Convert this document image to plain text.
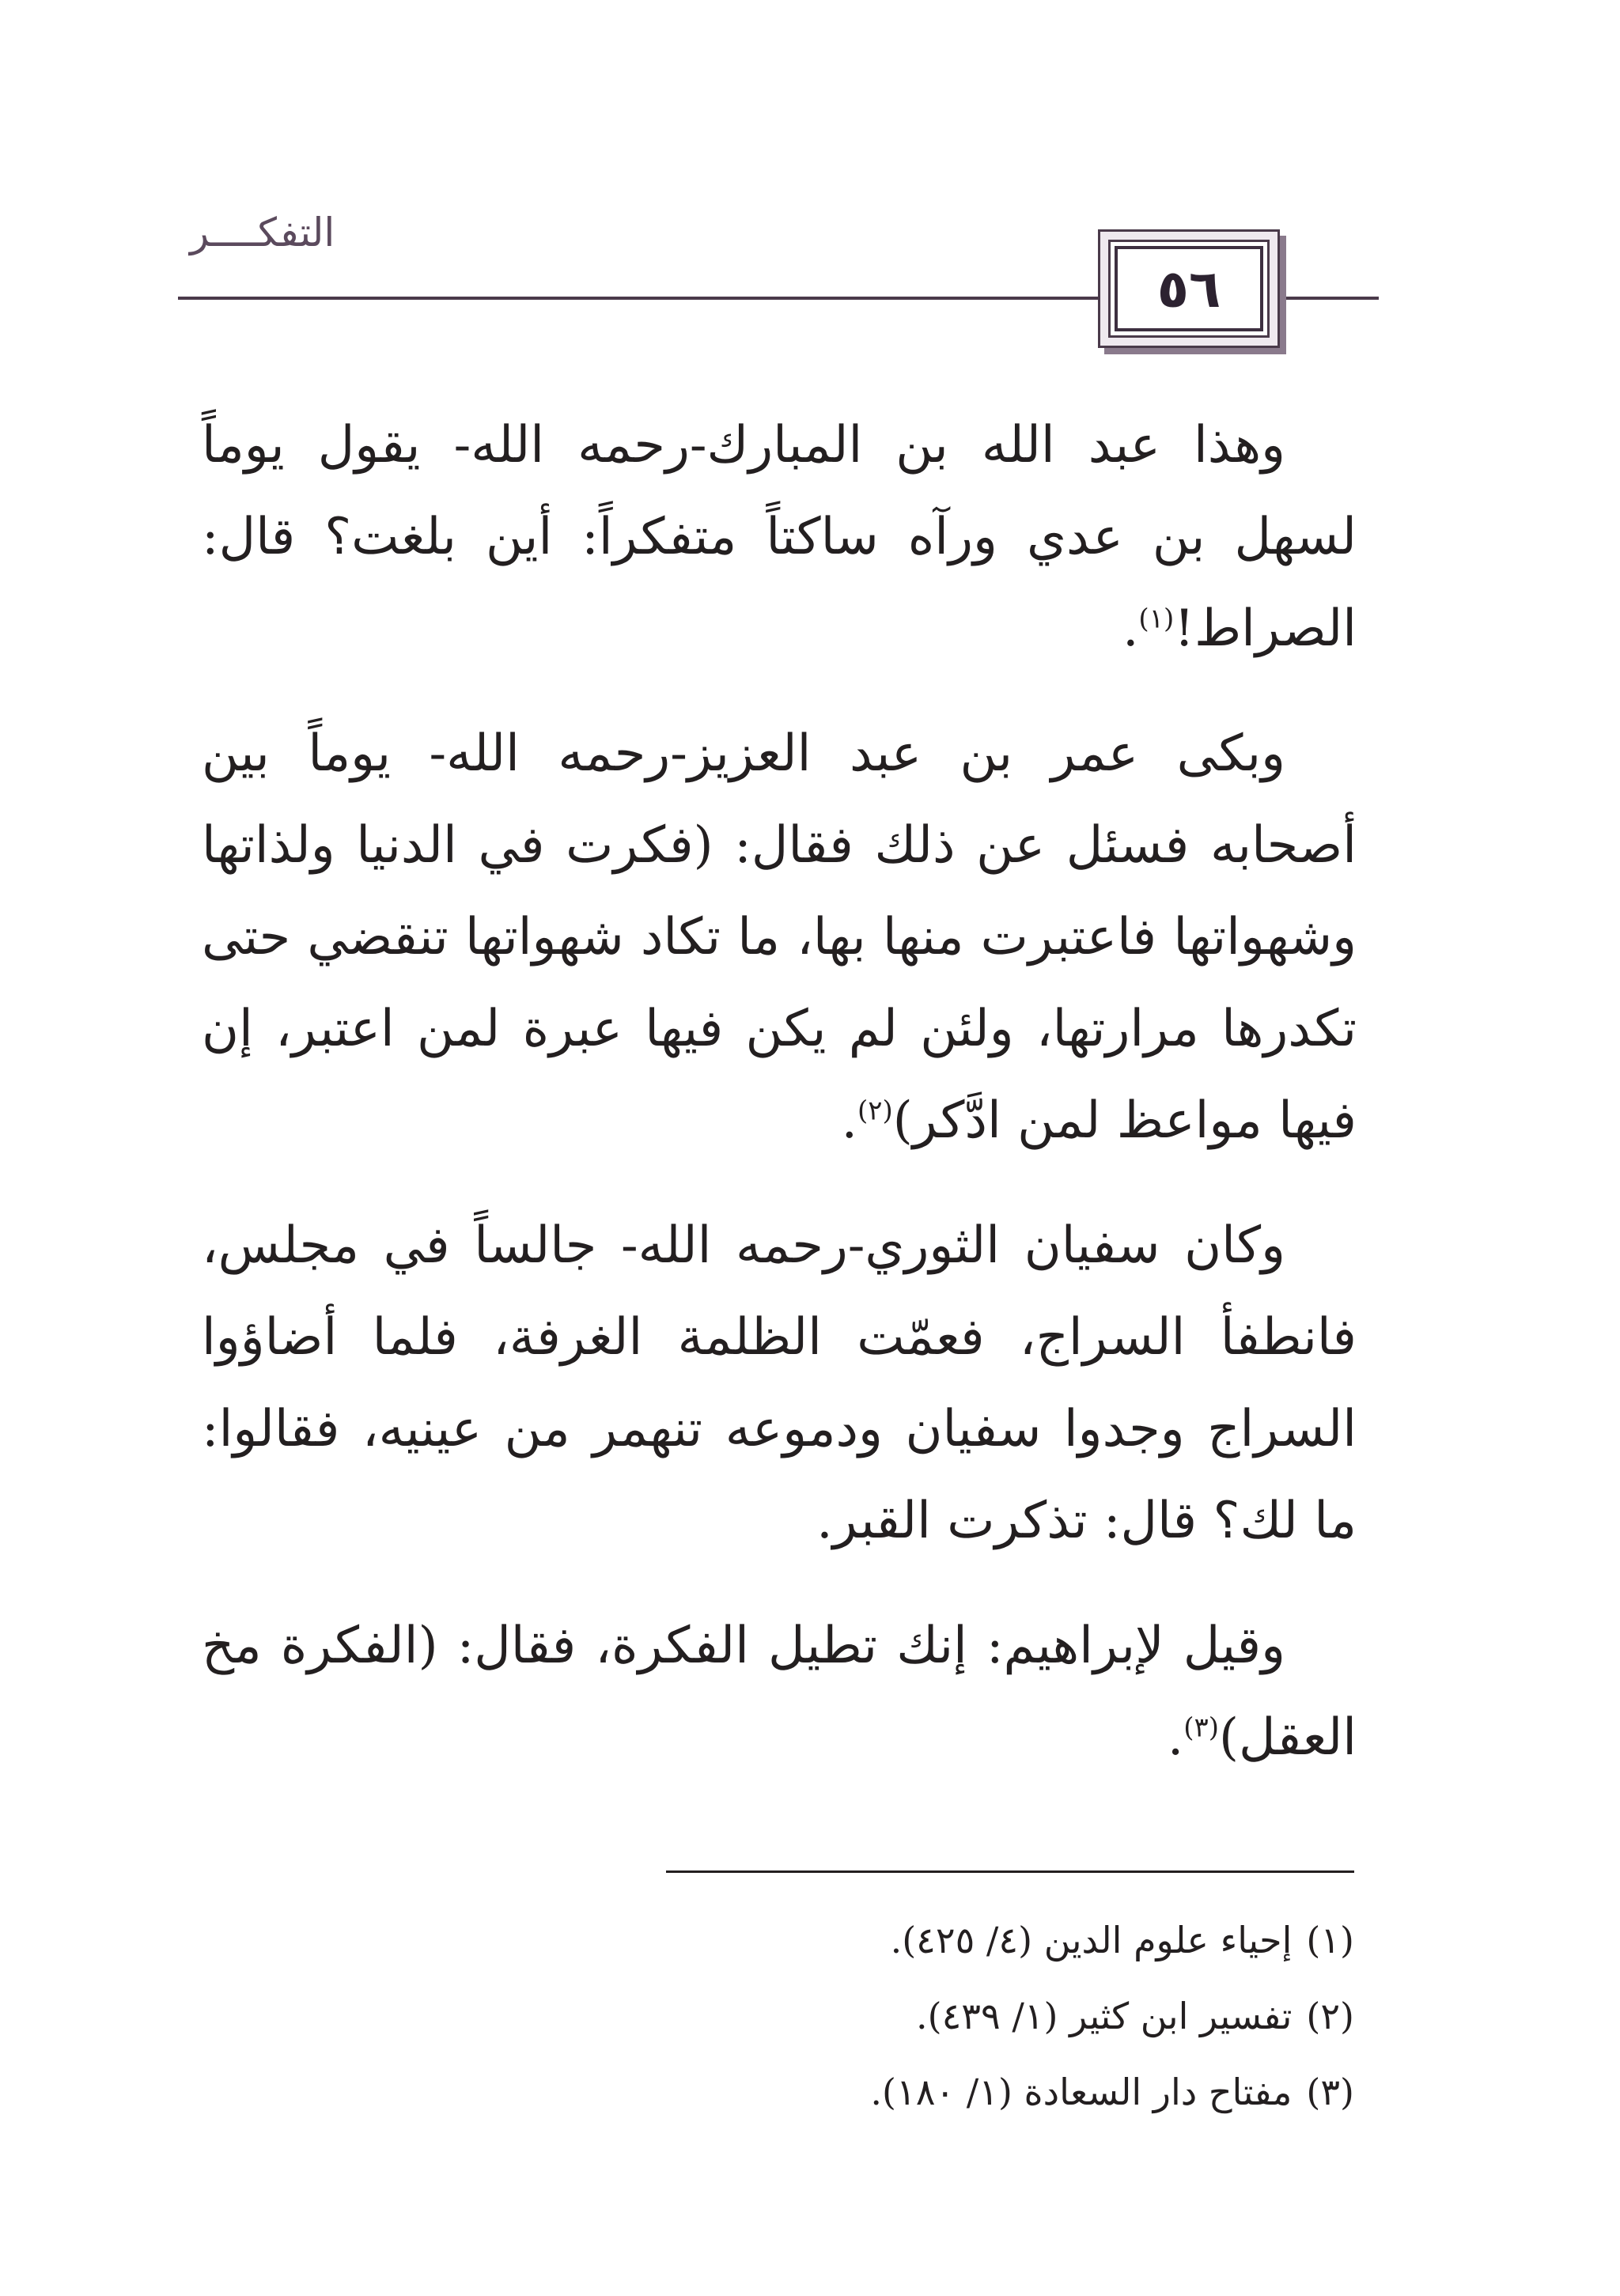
التفكــــر
٥٦

وهذا عبد الله بن المبارك-رحمه الله- يقول يوماً لسهل بن عدي ورآه ساكتاً متفكراً: أين بلغت؟ قال: الصراط!$^{(١)}$.

وبكى عمر بن عبد العزيز-رحمه الله- يوماً بين أصحابه فسئل عن ذلك فقال: (فكرت في الدنيا ولذاتها وشهواتها فاعتبرت منها بها، ما تكاد شهواتها تنقضي حتى تكدرها مرارتها، ولئن لم يكن فيها عبرة لمن اعتبر، إن فيها مواعظ لمن ادَّكر)$^{(٢)}$.

وكان سفيان الثوري-رحمه الله- جالساً في مجلس، فانطفأ السراج، فعمّت الظلمة الغرفة، فلما أضاؤوا السراج وجدوا سفيان ودموعه تنهمر من عينيه، فقالوا: ما لك؟ قال: تذكرت القبر.

وقيل لإبراهيم: إنك تطيل الفكرة، فقال: (الفكرة مخ العقل)$^{(٣)}$.

(١)إحياء علوم الدين (٤/ ٤٢٥).
(٢)تفسير ابن كثير (١/ ٤٣٩).
(٣)مفتاح دار السعادة (١/ ١٨٠).
